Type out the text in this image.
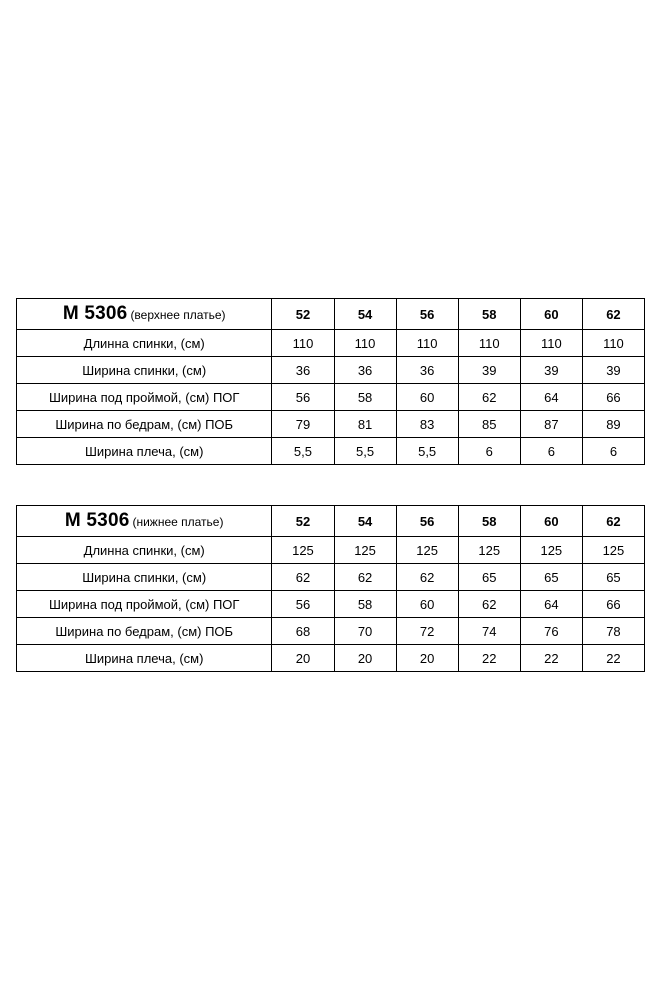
М 5306 (верхнее платье)	52	54	56	58	60	62
Длинна спинки, (см)	110	110	110	110	110	110
Ширина спинки, (см)	36	36	36	39	39	39
Ширина под проймой, (см) ПОГ	56	58	60	62	64	66
Ширина по бедрам, (см) ПОБ	79	81	83	85	87	89
Ширина плеча, (см)	5,5	5,5	5,5	6	6	6
М 5306 (нижнее платье)	52	54	56	58	60	62
Длинна спинки, (см)	125	125	125	125	125	125
Ширина спинки, (см)	62	62	62	65	65	65
Ширина под проймой, (см) ПОГ	56	58	60	62	64	66
Ширина по бедрам, (см) ПОБ	68	70	72	74	76	78
Ширина плеча, (см)	20	20	20	22	22	22
